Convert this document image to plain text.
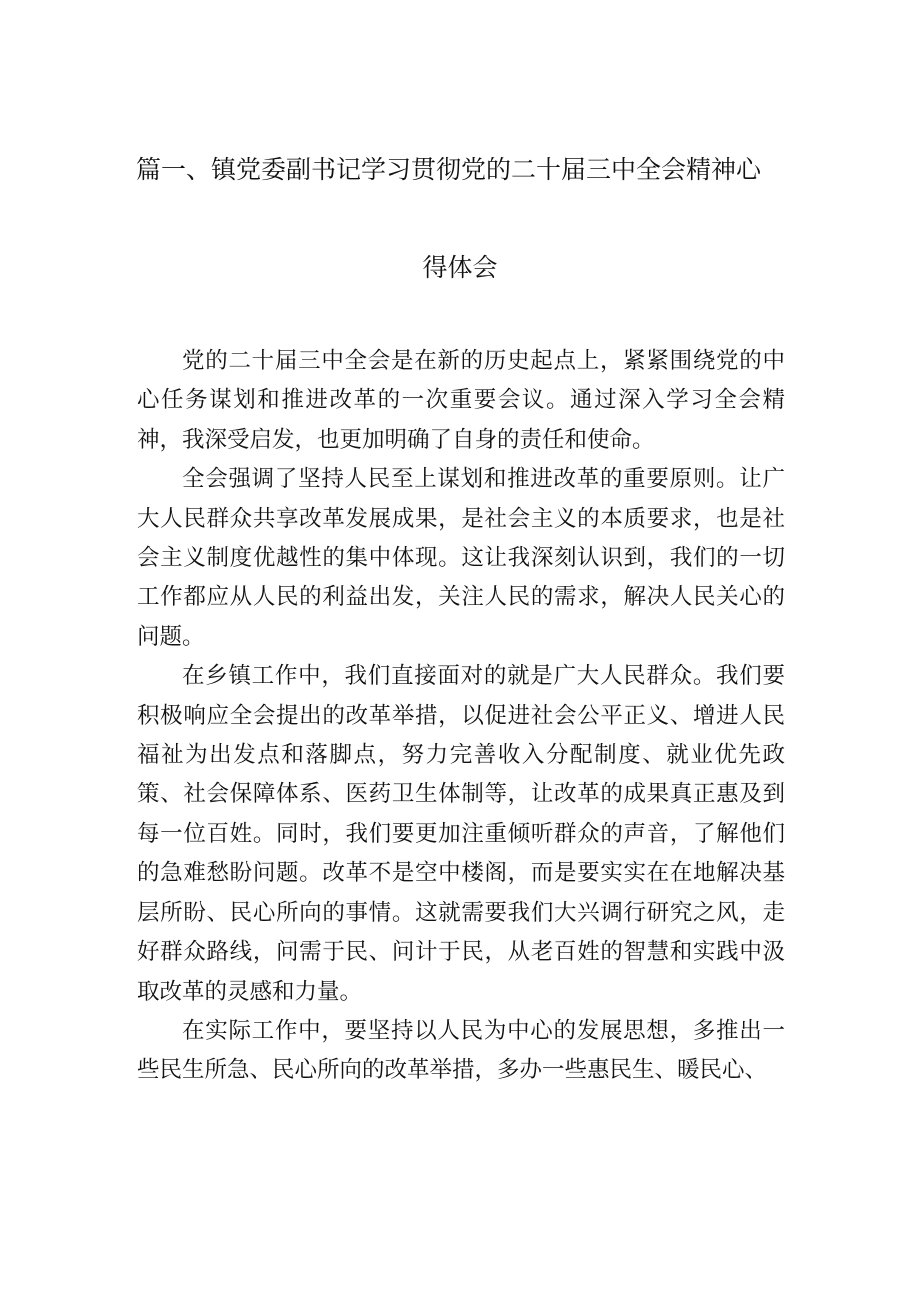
篇一、镇党委副书记学习贯彻党的二十届三中全会精神心
得体会

党的二十届三中全会是在新的历史起点上，紧紧围绕党的中心任务谋划和推进改革的一次重要会议。通过深入学习全会精神，我深受启发，也更加明确了自身的责任和使命。

全会强调了坚持人民至上谋划和推进改革的重要原则。让广大人民群众共享改革发展成果，是社会主义的本质要求，也是社会主义制度优越性的集中体现。这让我深刻认识到，我们的一切工作都应从人民的利益出发，关注人民的需求，解决人民关心的问题。

在乡镇工作中，我们直接面对的就是广大人民群众。我们要积极响应全会提出的改革举措，以促进社会公平正义、增进人民福祉为出发点和落脚点，努力完善收入分配制度、就业优先政策、社会保障体系、医药卫生体制等，让改革的成果真正惠及到每一位百姓。同时，我们要更加注重倾听群众的声音，了解他们的急难愁盼问题。改革不是空中楼阁，而是要实实在在地解决基层所盼、民心所向的事情。这就需要我们大兴调行研究之风，走好群众路线，问需于民、问计于民，从老百姓的智慧和实践中汲取改革的灵感和力量。

在实际工作中，要坚持以人民为中心的发展思想，多推出一些民生所急、民心所向的改革举措，多办一些惠民生、暖民心、
